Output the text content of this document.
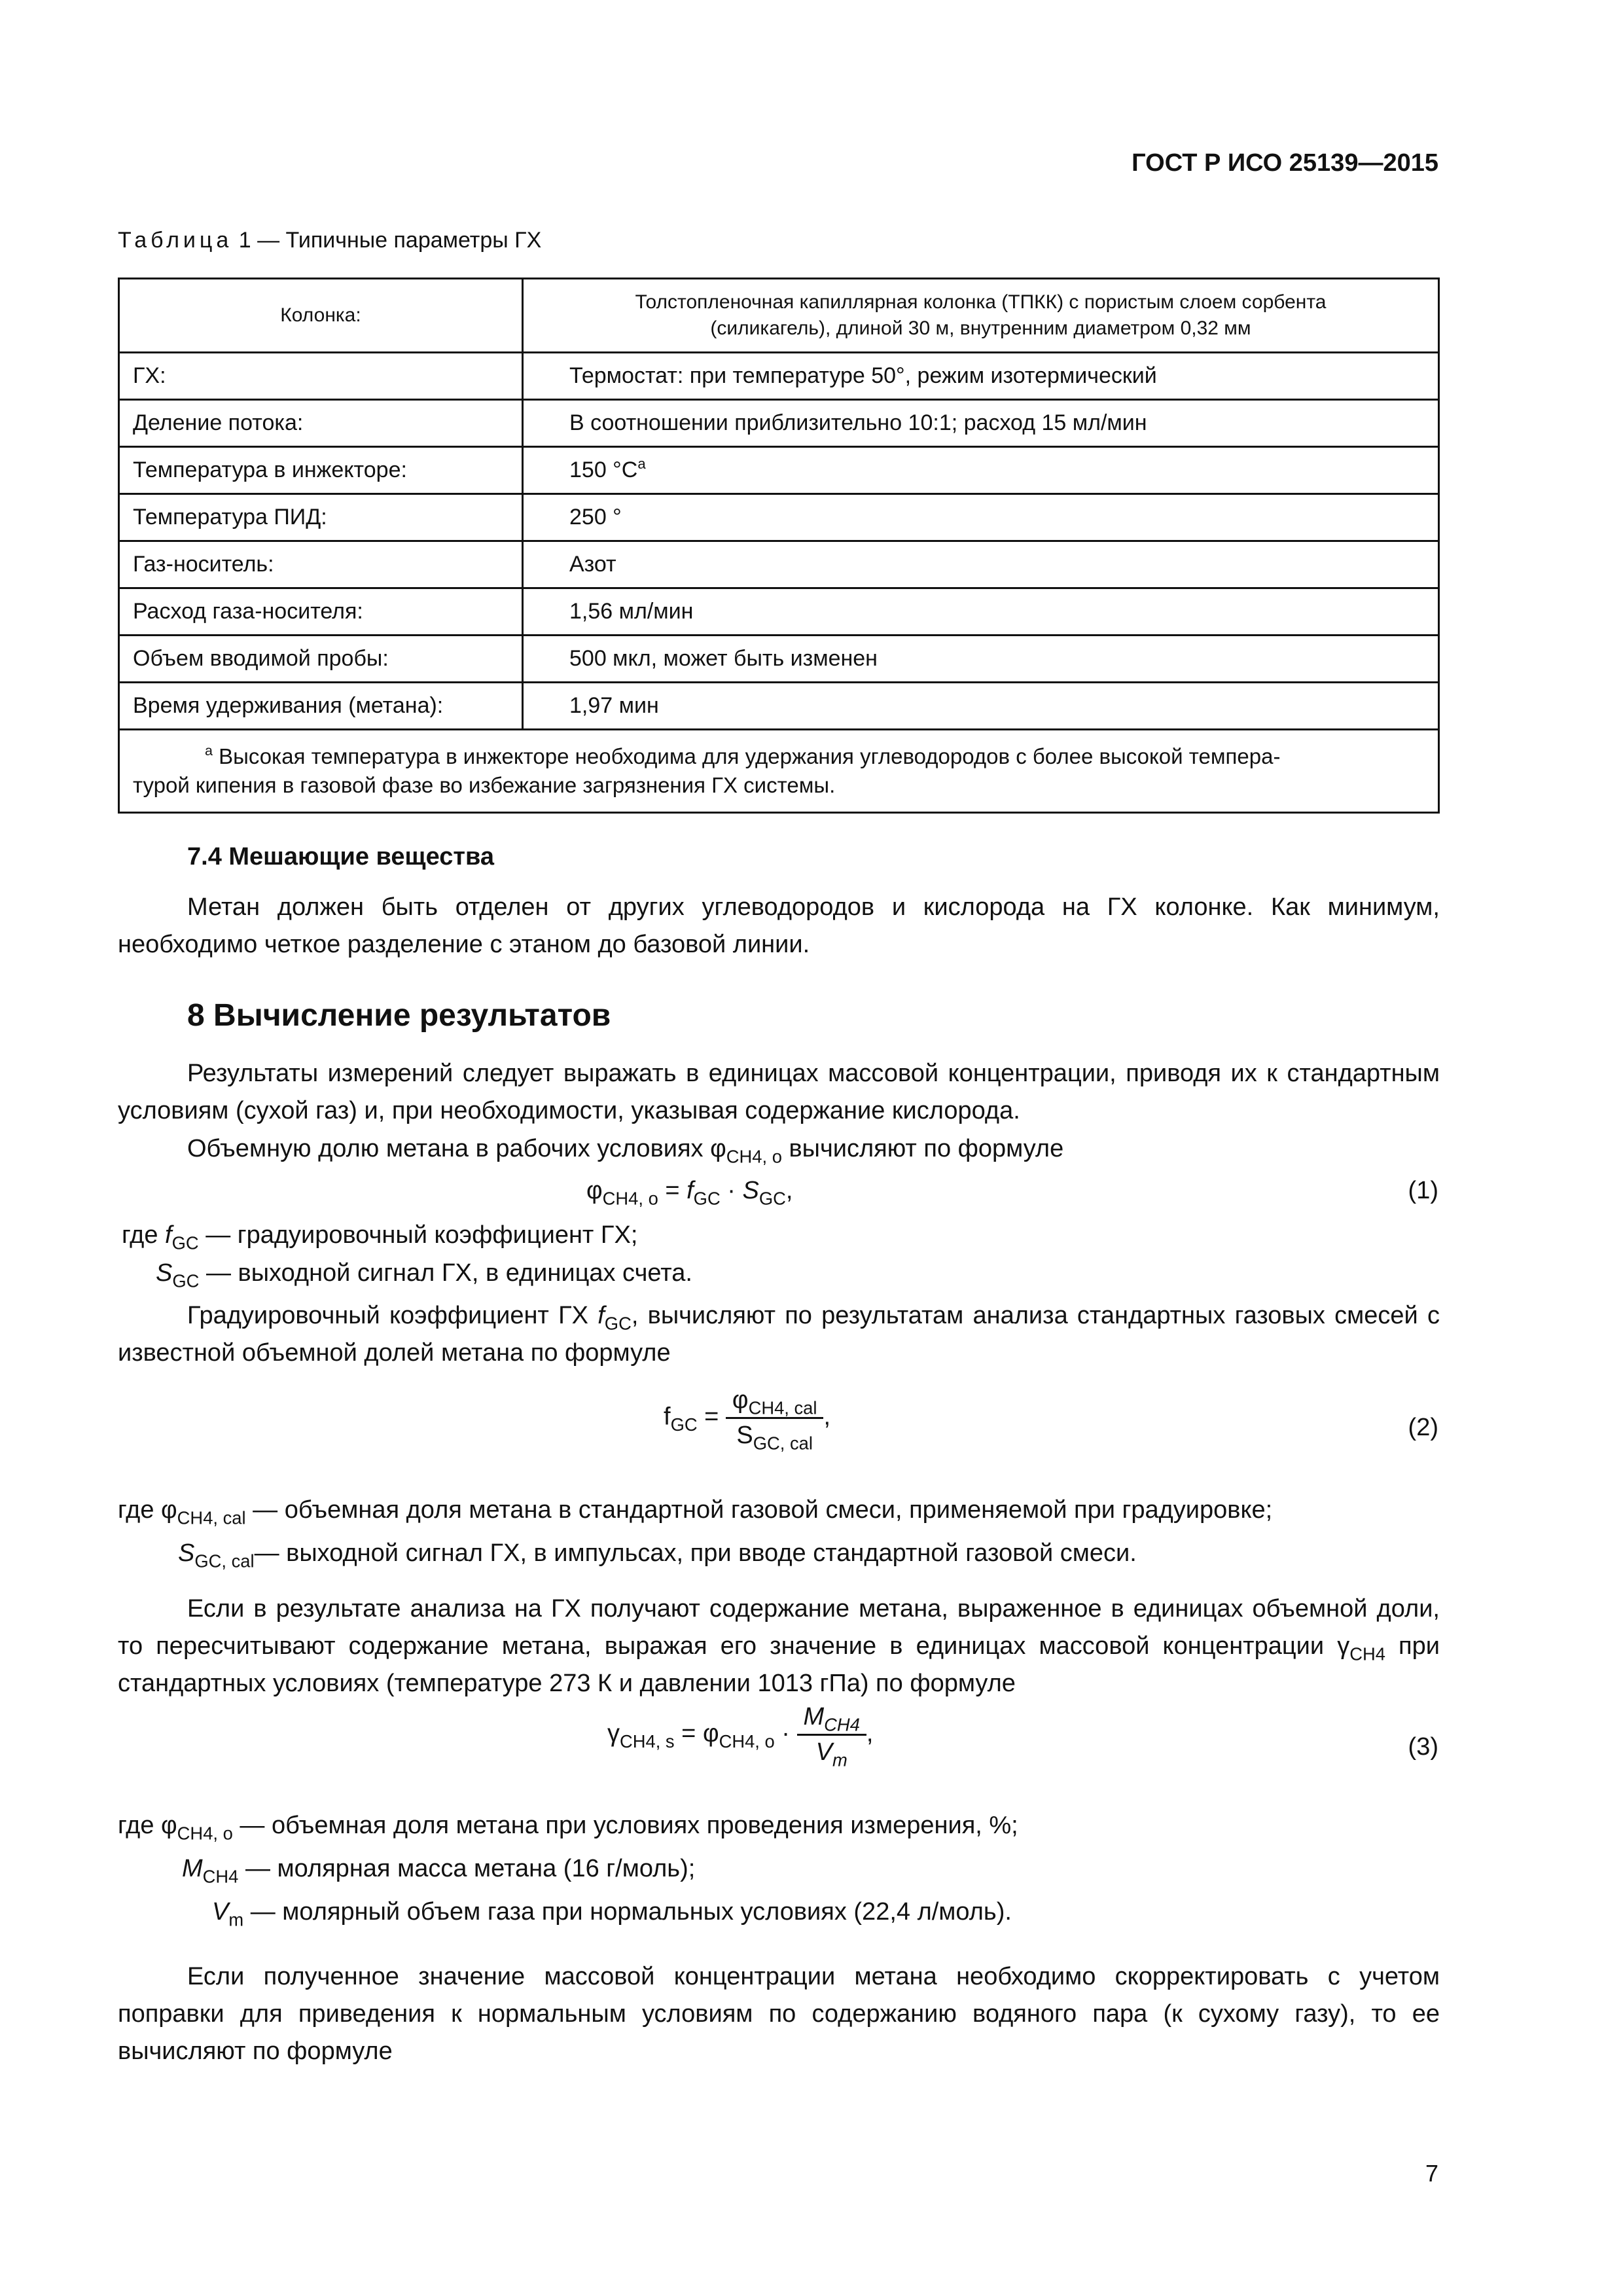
ГОСТ Р ИСО 25139—2015
Таблица 1 — Типичные параметры ГХ
Колонка:	Толстопленочная капиллярная колонка (ТПКК) с пористым слоем сорбента
(силикагель), длиной 30 м, внутренним диаметром 0,32 мм

ГХ:	Термостат: при температуре 50°, режим изотермический
Деление потока:	В соотношении приблизительно 10:1; расход 15 мл/мин
Температура в инжекторе:	150 $^\circ C^a$
Температура ПИД:	250 °
Газ-носитель:	Азот
Расход газа-носителя:	1,56 мл/мин
Объем вводимой пробы:	500 мкл, может быть изменен
Время удерживания (метана):	1,97 мин

$^a$ Высокая температура в инжекторе необходима для удержания углеводородов с более высокой темпера-
турой кипения в газовой фазе во избежание загрязнения ГХ системы.	
7.4 Мешающие вещества
Метан должен быть отделен от других углеводородов и кислорода на ГХ колонке. Как минимум, необходимо четкое разделение с этаном до базовой линии.
8 Вычисление результатов
Результаты измерений следует выражать в единицах массовой концентрации, приводя их к стандартным условиям (сухой газ) и, при необходимости, указывая содержание кислорода.
Объемную долю метана в рабочих условиях $\varphi_{CH4, o}$ вычисляют по формуле
$\varphi_{CH4, o} = f_{GC} \cdot S_{GC}$,	(1)
где $f_{GC}$ — градуировочный коэффициент ГХ;
$S_{GC}$ — выходной сигнал ГХ, в единицах счета.
Градуировочный коэффициент ГХ $f_{GC}$, вычисляют по результатам анализа стандартных газовых смесей с известной объемной долей метана по формуле
$f_{GC} = \frac{\varphi_{CH4, cal}}{S_{GC, cal}}$ ,	(2)
где $\varphi_{CH4, cal}$ — объемная доля метана в стандартной газовой смеси, применяемой при градуировке;
$S_{GC, cal}—$ выходной сигнал ГХ, в импульсах, при вводе стандартной газовой смеси.
Если в результате анализа на ГХ получают содержание метана, выраженное в единицах объемной доли, то пересчитывают содержание метана, выражая его значение в единицах массовой концентрации $\gamma_{CH4}$ при стандартных условиях (температуре 273 К и давлении 1013 гПа) по формуле
$\gamma_{CH4, s} = \varphi_{CH4, o} \cdot \frac{M_{CH4}}{V_m}$ ,	(3)
где $\varphi_{CH4, o}$ — объемная доля метана при условиях проведения измерения, %;
$M_{CH4}$ — молярная масса метана (16 г/моль);
$V_m$ — молярный объем газа при нормальных условиях (22,4 л/моль).
Если полученное значение массовой концентрации метана необходимо скорректировать с учетом поправки для приведения к нормальным условиям по содержанию водяного пара (к сухому газу), то ее вычисляют по формуле
7
